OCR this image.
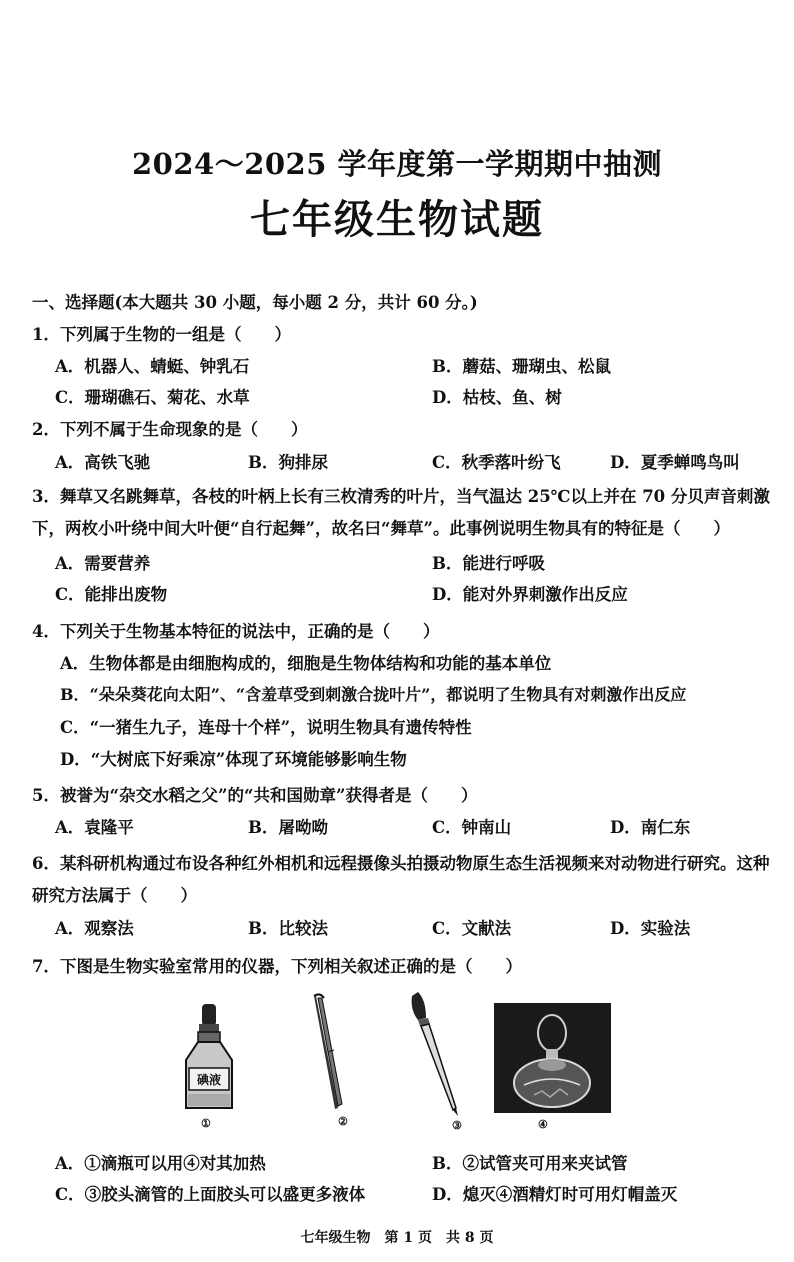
2024～2025 学年度第一学期期中抽测
七年级生物试题
一、选择题(本大题共 30 小题，每小题 2 分，共计 60 分。)
1．下列属于生物的一组是（　　）
A．机器人、蜻蜓、钟乳石	B．蘑菇、珊瑚虫、松鼠
C．珊瑚礁石、菊花、水草	D．枯枝、鱼、树
2．下列不属于生命现象的是（　　）
A．高铁飞驰	B．狗排尿	C．秋季落叶纷飞	D．夏季蝉鸣鸟叫
3．舞草又名跳舞草，各枝的叶柄上长有三枚清秀的叶片，当气温达 25℃以上并在 70 分贝声音刺激下，两枚小叶绕中间大叶便“自行起舞”，故名曰“舞草”。此事例说明生物具有的特征是（　　）
A．需要营养	B．能进行呼吸
C．能排出废物	D．能对外界刺激作出反应
4．下列关于生物基本特征的说法中，正确的是（　　）
A．生物体都是由细胞构成的，细胞是生物体结构和功能的基本单位
B．“朵朵葵花向太阳”、“含羞草受到刺激合拢叶片”，都说明了生物具有对刺激作出反应
C．“一猪生九子，连母十个样”，说明生物具有遗传特性
D．“大树底下好乘凉”体现了环境能够影响生物
5．被誉为“杂交水稻之父”的“共和国勋章”获得者是（　　）
A．袁隆平	B．屠呦呦	C．钟南山	D．南仁东
6．某科研机构通过布设各种红外相机和远程摄像头拍摄动物原生态生活视频来对动物进行研究。这种研究方法属于（　　）
A．观察法	B．比较法	C．文献法	D．实验法
7．下图是生物实验室常用的仪器，下列相关叙述正确的是（　　）
碘液
①	②	③	④
A．①滴瓶可以用④对其加热	B．②试管夹可用来夹试管
C．③胶头滴管的上面胶头可以盛更多液体	D．熄灭④酒精灯时可用灯帽盖灭
七年级生物　第 1 页　共 8 页
